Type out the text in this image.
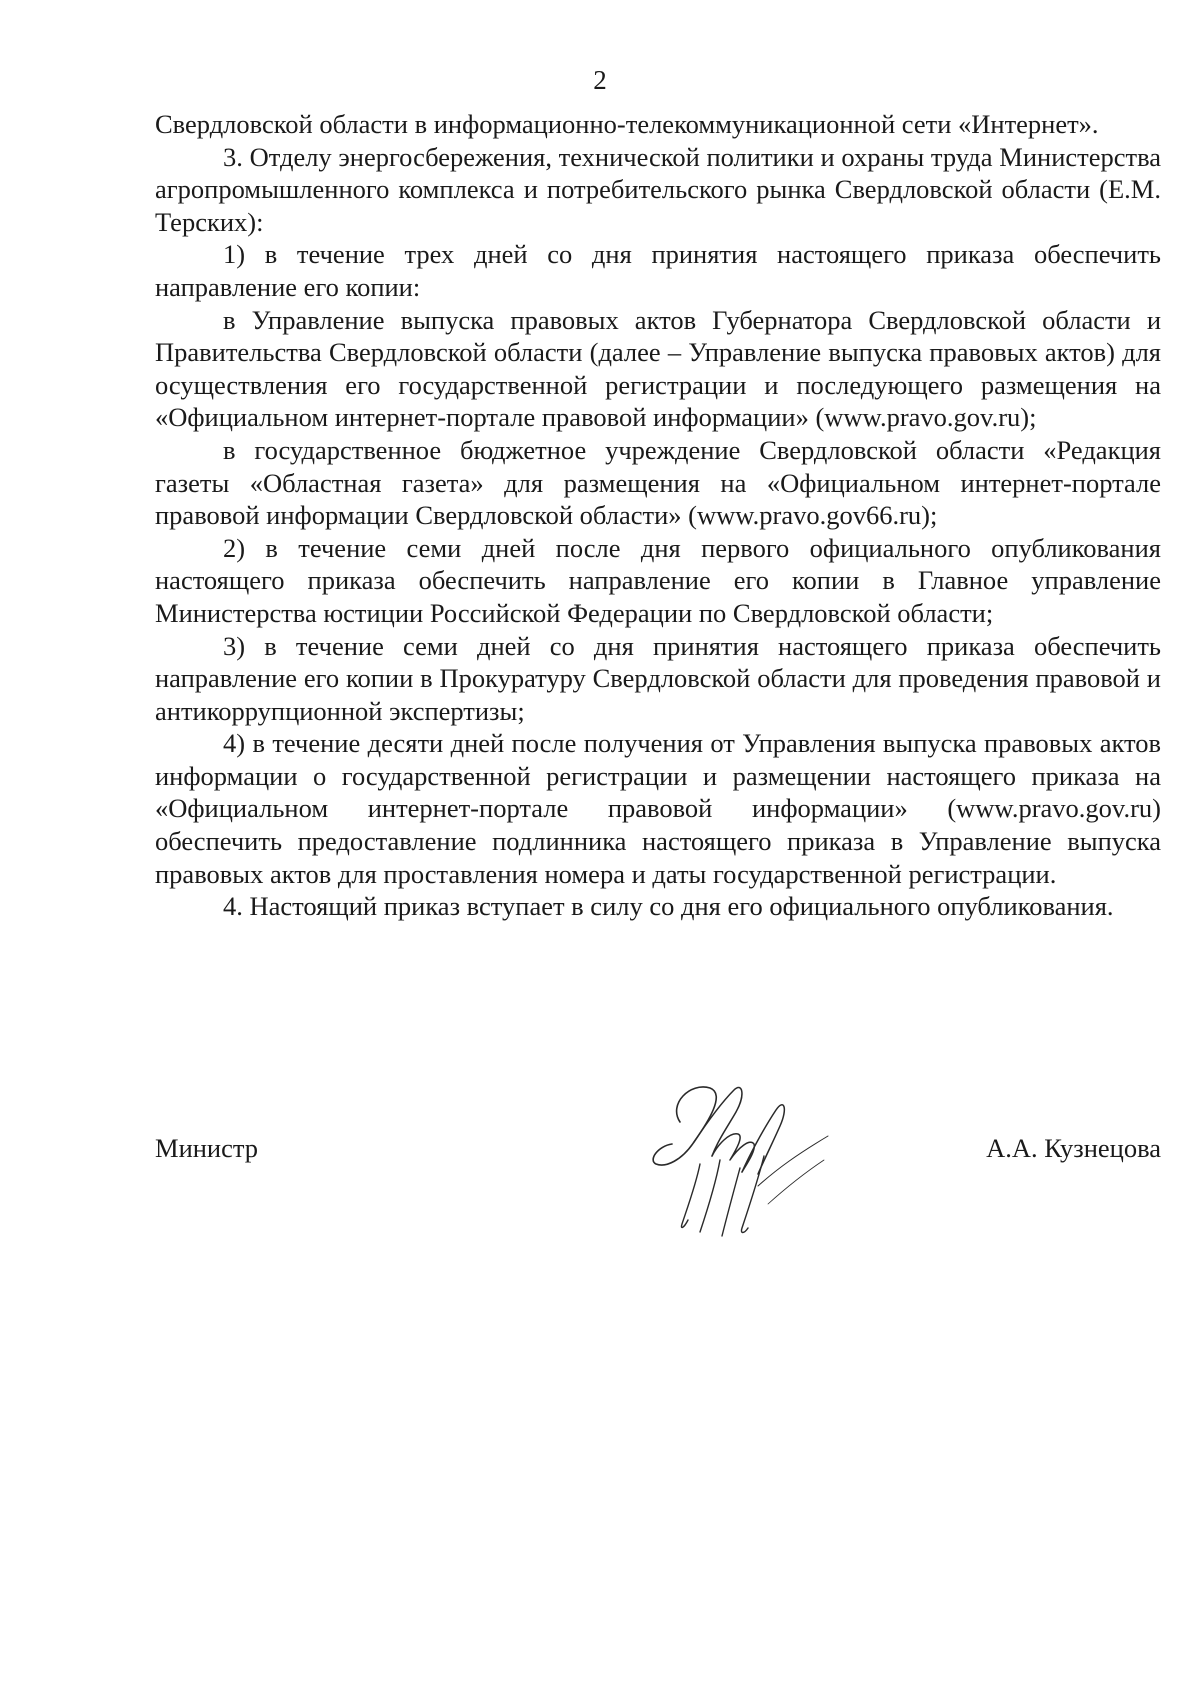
2

Свердловской области в информационно-телекоммуникационной сети «Интернет».

3. Отделу энергосбережения, технической политики и охраны труда Министерства агропромышленного комплекса и потребительского рынка Свердловской области (Е.М. Терских):

1) в течение трех дней со дня принятия настоящего приказа обеспечить направление его копии:

в Управление выпуска правовых актов Губернатора Свердловской области и Правительства Свердловской области (далее – Управление выпуска правовых актов) для осуществления его государственной регистрации и последующего размещения на «Официальном интернет-портале правовой информации» (www.pravo.gov.ru);

в государственное бюджетное учреждение Свердловской области «Редакция газеты «Областная газета» для размещения на «Официальном интернет-портале правовой информации Свердловской области» (www.pravo.gov66.ru);

2) в течение семи дней после дня первого официального опубликования настоящего приказа обеспечить направление его копии в Главное управление Министерства юстиции Российской Федерации по Свердловской области;

3) в течение семи дней со дня принятия настоящего приказа обеспечить направление его копии в Прокуратуру Свердловской области для проведения правовой и антикоррупционной экспертизы;

4) в течение десяти дней после получения от Управления выпуска правовых актов информации о государственной регистрации и размещении настоящего приказа на «Официальном интернет-портале правовой информации» (www.pravo.gov.ru) обеспечить предоставление подлинника настоящего приказа в Управление выпуска правовых актов для проставления номера и даты государственной регистрации.

4. Настоящий приказ вступает в силу со дня его официального опубликования.

Министр	А.А. Кузнецова
